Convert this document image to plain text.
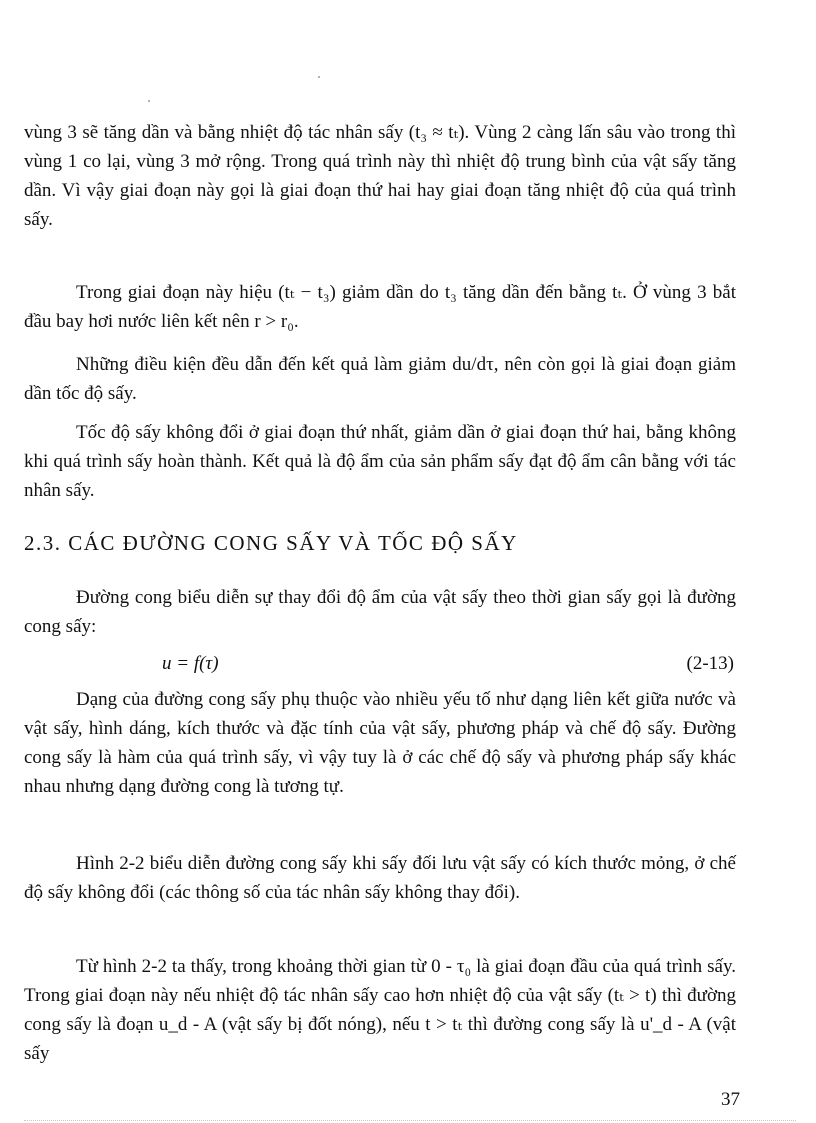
vùng 3 sẽ tăng dần và bằng nhiệt độ tác nhân sấy (t₃ ≈ tₜ). Vùng 2 càng lấn sâu vào trong thì vùng 1 co lại, vùng 3 mở rộng. Trong quá trình này thì nhiệt độ trung bình của vật sấy tăng dần. Vì vậy giai đoạn này gọi là giai đoạn thứ hai hay giai đoạn tăng nhiệt độ của quá trình sấy.
Trong giai đoạn này hiệu (tₜ − t₃) giảm dần do t₃ tăng dần đến bằng tₜ. Ở vùng 3 bắt đầu bay hơi nước liên kết nên r > r₀.
Những điều kiện đều dẫn đến kết quả làm giảm du/dτ, nên còn gọi là giai đoạn giảm dần tốc độ sấy.
Tốc độ sấy không đổi ở giai đoạn thứ nhất, giảm dần ở giai đoạn thứ hai, bằng không khi quá trình sấy hoàn thành. Kết quả là độ ẩm của sản phẩm sấy đạt độ ẩm cân bằng với tác nhân sấy.
2.3. CÁC ĐƯỜNG CONG SẤY VÀ TỐC ĐỘ SẤY
Đường cong biểu diễn sự thay đổi độ ẩm của vật sấy theo thời gian sấy gọi là đường cong sấy:
u = f(τ)	(2-13)
Dạng của đường cong sấy phụ thuộc vào nhiều yếu tố như dạng liên kết giữa nước và vật sấy, hình dáng, kích thước và đặc tính của vật sấy, phương pháp và chế độ sấy. Đường cong sấy là hàm của quá trình sấy, vì vậy tuy là ở các chế độ sấy và phương pháp sấy khác nhau nhưng dạng đường cong là tương tự.
Hình 2-2 biểu diễn đường cong sấy khi sấy đối lưu vật sấy có kích thước mỏng, ở chế độ sấy không đổi (các thông số của tác nhân sấy không thay đổi).
Từ hình 2-2 ta thấy, trong khoảng thời gian từ 0 - τ₀ là giai đoạn đầu của quá trình sấy. Trong giai đoạn này nếu nhiệt độ tác nhân sấy cao hơn nhiệt độ của vật sấy (tₜ > t) thì đường cong sấy là đoạn u_d - A (vật sấy bị đốt nóng), nếu t > tₜ thì đường cong sấy là u'_d - A (vật sấy
37
